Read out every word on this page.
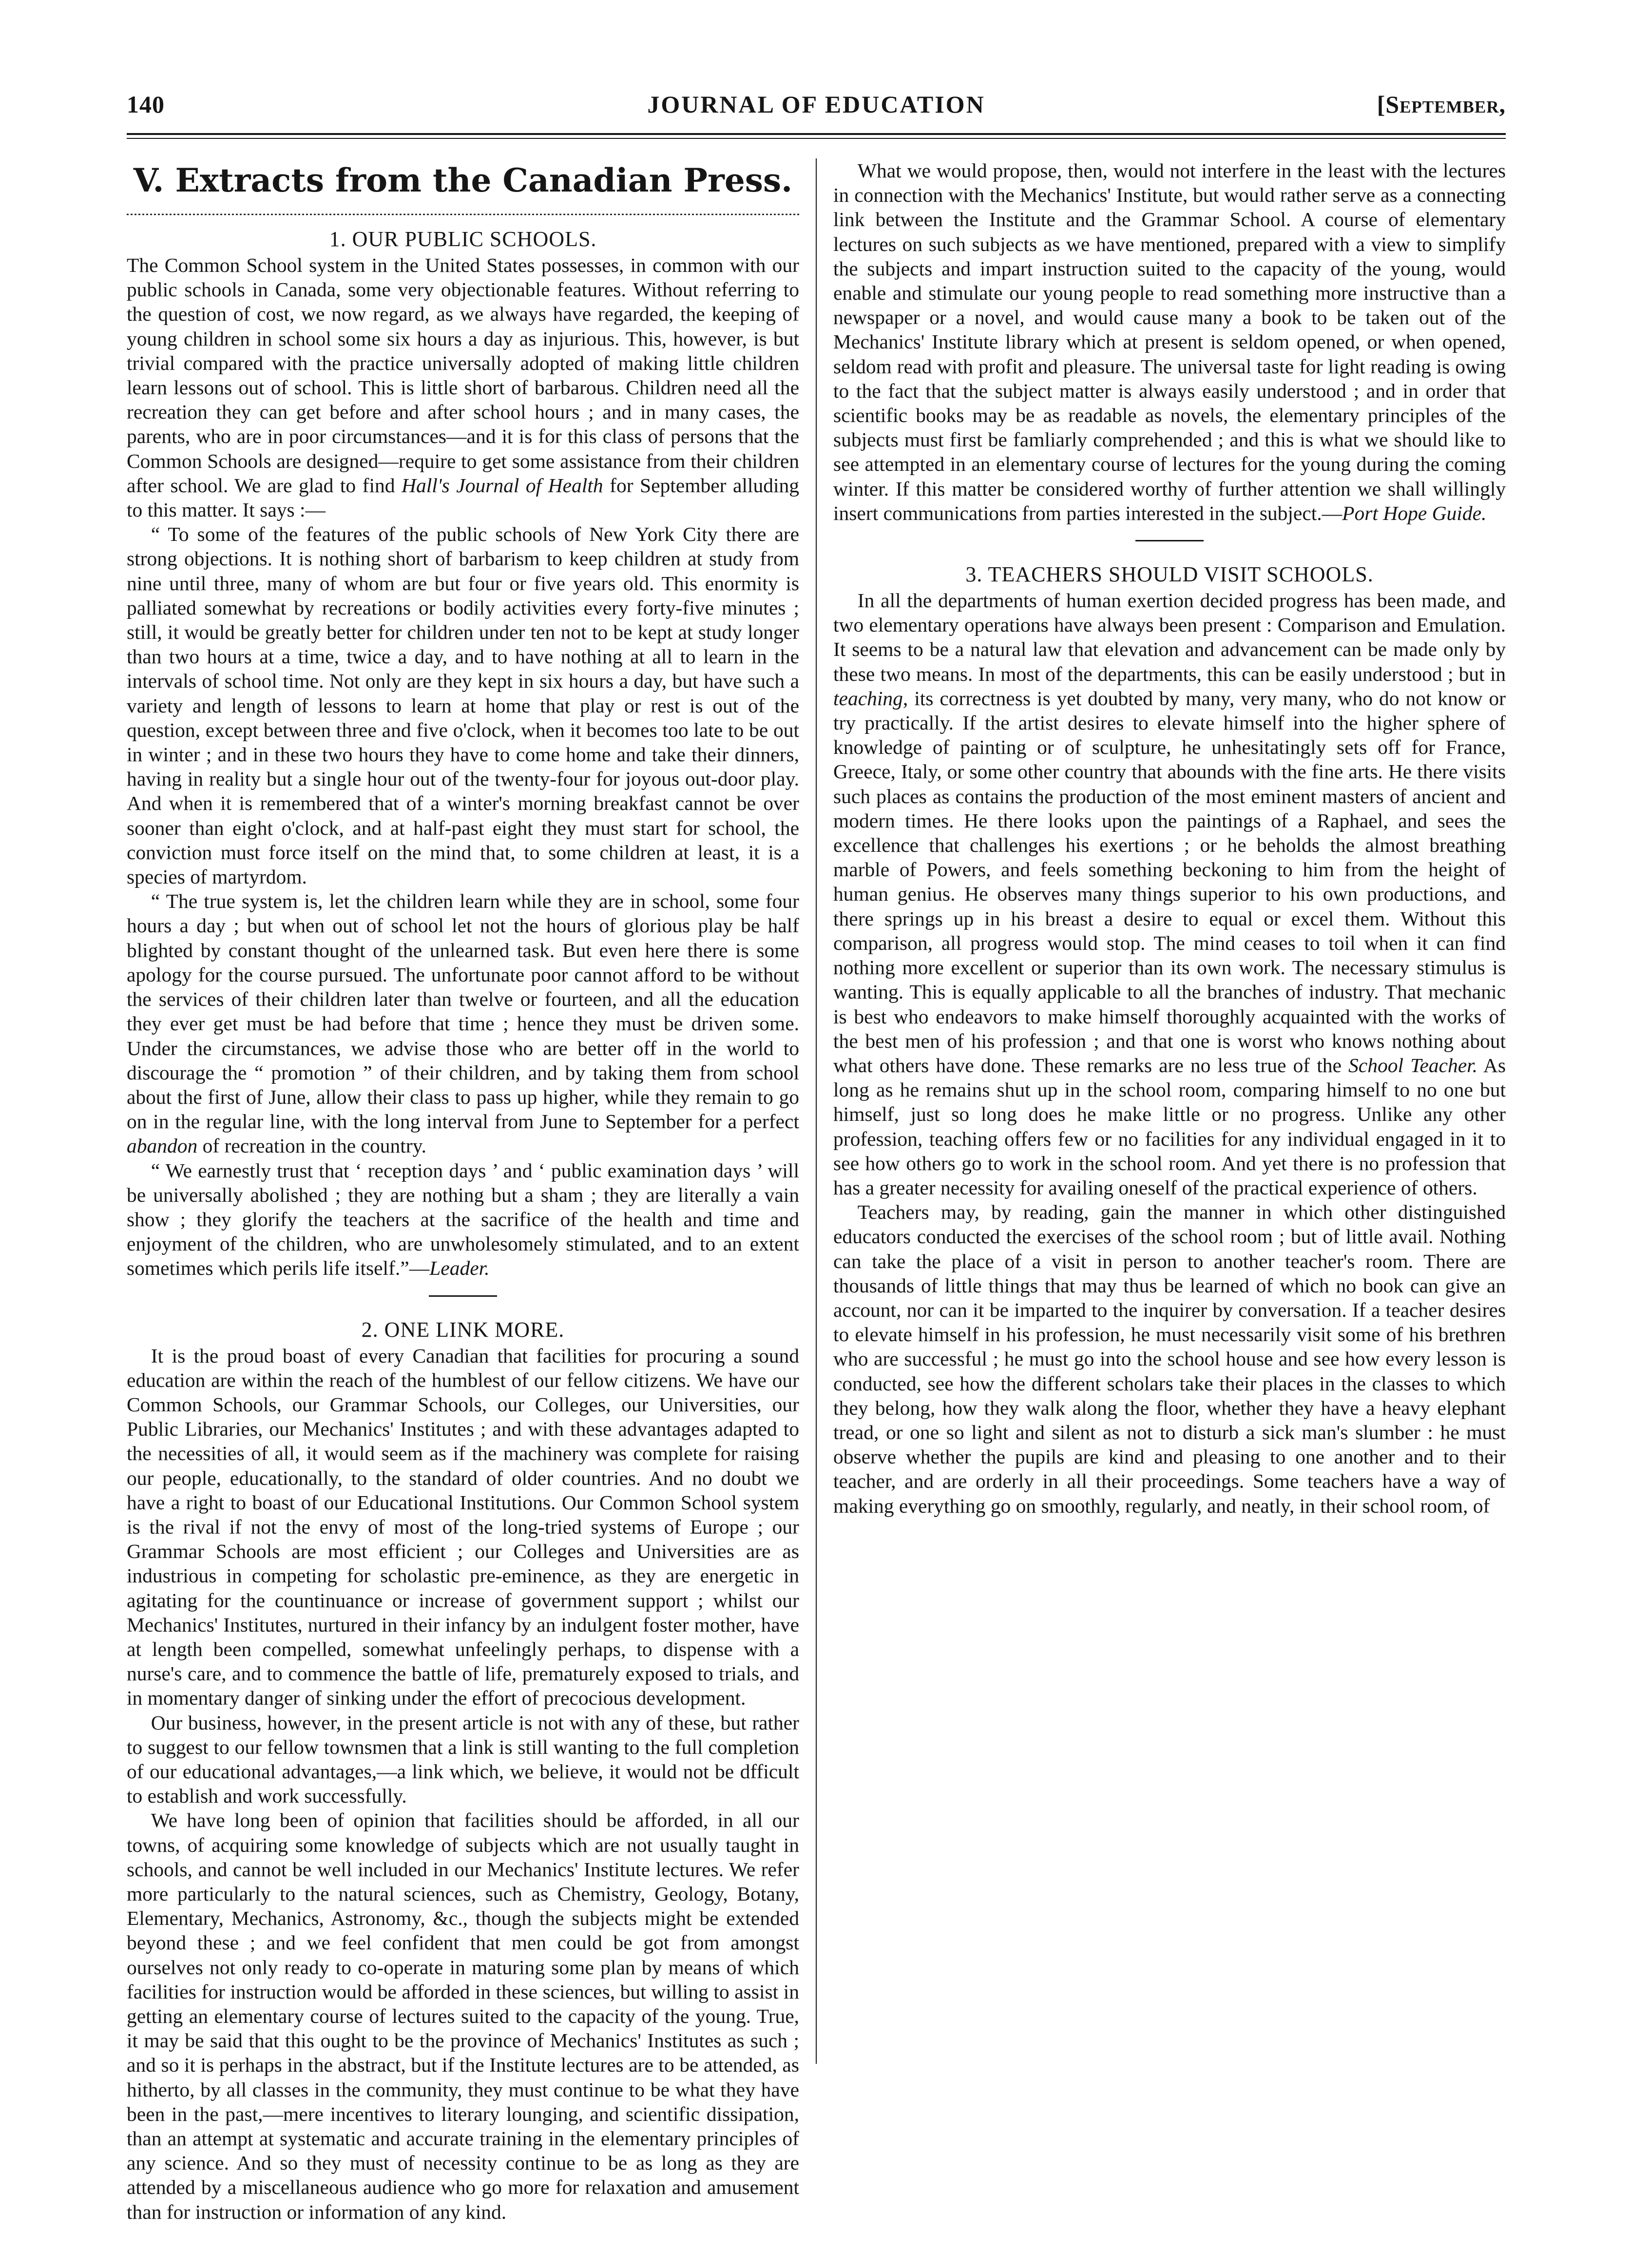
140	JOURNAL OF EDUCATION	[September,
V. Extracts from the Canadian Press.
1. OUR PUBLIC SCHOOLS.

The Common School system in the United States possesses, in common with our public schools in Canada, some very objectionable features. Without referring to the question of cost, we now regard, as we always have regarded, the keeping of young children in school some six hours a day as injurious. This, however, is but trivial compared with the practice universally adopted of making little children learn lessons out of school. This is little short of barbarous. Children need all the recreation they can get before and after school hours ; and in many cases, the parents, who are in poor circumstances—and it is for this class of persons that the Common Schools are designed—require to get some assistance from their children after school. We are glad to find Hall's Journal of Health for September alluding to this matter. It says :—

“ To some of the features of the public schools of New York City there are strong objections. It is nothing short of barbarism to keep children at study from nine until three, many of whom are but four or five years old. This enormity is palliated somewhat by recreations or bodily activities every forty-five minutes ; still, it would be greatly better for children under ten not to be kept at study longer than two hours at a time, twice a day, and to have nothing at all to learn in the intervals of school time. Not only are they kept in six hours a day, but have such a variety and length of lessons to learn at home that play or rest is out of the question, except between three and five o'clock, when it becomes too late to be out in winter ; and in these two hours they have to come home and take their dinners, having in reality but a single hour out of the twenty-four for joyous out-door play. And when it is remembered that of a winter's morning breakfast cannot be over sooner than eight o'clock, and at half-past eight they must start for school, the conviction must force itself on the mind that, to some children at least, it is a species of martyrdom.

“ The true system is, let the children learn while they are in school, some four hours a day ; but when out of school let not the hours of glorious play be half blighted by constant thought of the unlearned task. But even here there is some apology for the course pursued. The unfortunate poor cannot afford to be without the services of their children later than twelve or fourteen, and all the education they ever get must be had before that time ; hence they must be driven some. Under the circumstances, we advise those who are better off in the world to discourage the “ promotion ” of their children, and by taking them from school about the first of June, allow their class to pass up higher, while they remain to go on in the regular line, with the long interval from June to September for a perfect abandon of recreation in the country.

“ We earnestly trust that ‘ reception days ’ and ‘ public examination days ’ will be universally abolished ; they are nothing but a sham ; they are literally a vain show ; they glorify the teachers at the sacrifice of the health and time and enjoyment of the children, who are unwholesomely stimulated, and to an extent sometimes which perils life itself.”—Leader.

2. ONE LINK MORE.

It is the proud boast of every Canadian that facilities for procuring a sound education are within the reach of the humblest of our fellow citizens. We have our Common Schools, our Grammar Schools, our Colleges, our Universities, our Public Libraries, our Mechanics' Institutes ; and with these advantages adapted to the necessities of all, it would seem as if the machinery was complete for raising our people, educationally, to the standard of older countries. And no doubt we have a right to boast of our Educational Institutions. Our Common School system is the rival if not the envy of most of the long-tried systems of Europe ; our Grammar Schools are most efficient ; our Colleges and Universities are as industrious in competing for scholastic pre-eminence, as they are energetic in agitating for the countinuance or increase of government support ; whilst our Mechanics' Institutes, nurtured in their infancy by an indulgent foster mother, have at length been compelled, somewhat unfeelingly perhaps, to dispense with a nurse's care, and to commence the battle of life, prematurely exposed to trials, and in momentary danger of sinking under the effort of precocious development.

Our business, however, in the present article is not with any of these, but rather to suggest to our fellow townsmen that a link is still wanting to the full completion of our educational advantages,—a link which, we believe, it would not be dfficult to establish and work successfully.

We have long been of opinion that facilities should be afforded, in all our towns, of acquiring some knowledge of subjects which are not usually taught in schools, and cannot be well included in our Mechanics' Institute lectures. We refer more particularly to the natural sciences, such as Chemistry, Geology, Botany, Elementary, Mechanics, Astronomy, &c., though the subjects might be extended beyond these ; and we feel confident that men could be got from amongst ourselves not only ready to co-operate in maturing some plan by means of which facilities for instruction would be afforded in these sciences, but willing to assist in getting an elementary course of lectures suited to the capacity of the young. True, it may be said that this ought to be the province of Mechanics' Institutes as such ; and so it is perhaps in the abstract, but if the Institute lectures are to be attended, as hitherto, by all classes in the community, they must continue to be what they have been in the past,—mere incentives to literary lounging, and scientific dissipation, than an attempt at systematic and accurate training in the elementary principles of any science. And so they must of necessity continue to be as long as they are attended by a miscellaneous audience who go more for relaxation and amusement than for instruction or information of any kind.

What we would propose, then, would not interfere in the least with the lectures in connection with the Mechanics' Institute, but would rather serve as a connecting link between the Institute and the Grammar School. A course of elementary lectures on such subjects as we have mentioned, prepared with a view to simplify the subjects and impart instruction suited to the capacity of the young, would enable and stimulate our young people to read something more instructive than a newspaper or a novel, and would cause many a book to be taken out of the Mechanics' Institute library which at present is seldom opened, or when opened, seldom read with profit and pleasure. The universal taste for light reading is owing to the fact that the subject matter is always easily understood ; and in order that scientific books may be as readable as novels, the elementary principles of the subjects must first be famliarly comprehended ; and this is what we should like to see attempted in an elementary course of lectures for the young during the coming winter. If this matter be considered worthy of further attention we shall willingly insert communications from parties interested in the subject.—Port Hope Guide.

3. TEACHERS SHOULD VISIT SCHOOLS.

In all the departments of human exertion decided progress has been made, and two elementary operations have always been present : Comparison and Emulation. It seems to be a natural law that elevation and advancement can be made only by these two means. In most of the departments, this can be easily understood ; but in teaching, its correctness is yet doubted by many, very many, who do not know or try practically. If the artist desires to elevate himself into the higher sphere of knowledge of painting or of sculpture, he unhesitatingly sets off for France, Greece, Italy, or some other country that abounds with the fine arts. He there visits such places as contains the production of the most eminent masters of ancient and modern times. He there looks upon the paintings of a Raphael, and sees the excellence that challenges his exertions ; or he beholds the almost breathing marble of Powers, and feels something beckoning to him from the height of human genius. He observes many things superior to his own productions, and there springs up in his breast a desire to equal or excel them. Without this comparison, all progress would stop. The mind ceases to toil when it can find nothing more excellent or superior than its own work. The necessary stimulus is wanting. This is equally applicable to all the branches of industry. That mechanic is best who endeavors to make himself thoroughly acquainted with the works of the best men of his profession ; and that one is worst who knows nothing about what others have done. These remarks are no less true of the School Teacher. As long as he remains shut up in the school room, comparing himself to no one but himself, just so long does he make little or no progress. Unlike any other profession, teaching offers few or no facilities for any individual engaged in it to see how others go to work in the school room. And yet there is no profession that has a greater necessity for availing oneself of the practical experience of others.

Teachers may, by reading, gain the manner in which other distinguished educators conducted the exercises of the school room ; but of little avail. Nothing can take the place of a visit in person to another teacher's room. There are thousands of little things that may thus be learned of which no book can give an account, nor can it be imparted to the inquirer by conversation. If a teacher desires to elevate himself in his profession, he must necessarily visit some of his brethren who are successful ; he must go into the school house and see how every lesson is conducted, see how the different scholars take their places in the classes to which they belong, how they walk along the floor, whether they have a heavy elephant tread, or one so light and silent as not to disturb a sick man's slumber : he must observe whether the pupils are kind and pleasing to one another and to their teacher, and are orderly in all their proceedings. Some teachers have a way of making everything go on smoothly, regularly, and neatly, in their school room, of
